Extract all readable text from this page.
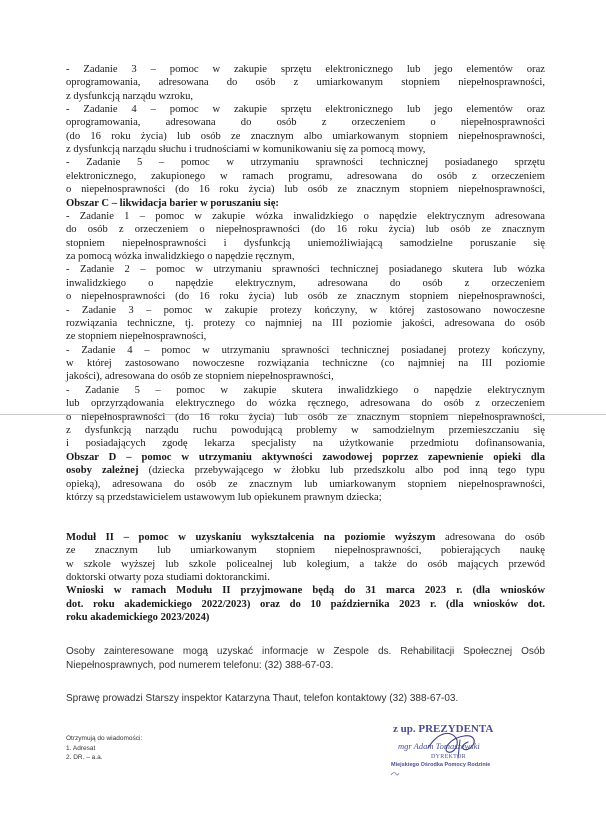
- Zadanie 3 – pomoc w zakupie sprzętu elektronicznego lub jego elementów oraz
oprogramowania, adresowana do osób z umiarkowanym stopniem niepełnosprawności,
z dysfunkcją narządu wzroku,
- Zadanie 4 – pomoc w zakupie sprzętu elektronicznego lub jego elementów oraz
oprogramowania, adresowana do osób z orzeczeniem o niepełnosprawności
(do 16 roku życia) lub osób ze znacznym albo umiarkowanym stopniem niepełnosprawności,
z dysfunkcją narządu słuchu i trudnościami w komunikowaniu się za pomocą mowy,
- Zadanie 5 – pomoc w utrzymaniu sprawności technicznej posiadanego sprzętu
elektronicznego, zakupionego w ramach programu, adresowana do osób z orzeczeniem
o niepełnosprawności (do 16 roku życia) lub osób ze znacznym stopniem niepełnosprawności,
Obszar C – likwidacja barier w poruszaniu się:
- Zadanie 1 – pomoc w zakupie wózka inwalidzkiego o napędzie elektrycznym adresowana
do osób z orzeczeniem o niepełnosprawności (do 16 roku życia) lub osób ze znacznym
stopniem niepełnosprawności i dysfunkcją uniemożliwiającą samodzielne poruszanie się
za pomocą wózka inwalidzkiego o napędzie ręcznym,
- Zadanie 2 – pomoc w utrzymaniu sprawności technicznej posiadanego skutera lub wózka
inwalidzkiego o napędzie elektrycznym, adresowana do osób z orzeczeniem
o niepełnosprawności (do 16 roku życia) lub osób ze znacznym stopniem niepełnosprawności,
- Zadanie 3 – pomoc w zakupie protezy kończyny, w której zastosowano nowoczesne
rozwiązania techniczne, tj. protezy co najmniej na III poziomie jakości, adresowana do osób
ze stopniem niepełnosprawności,
- Zadanie 4 – pomoc w utrzymaniu sprawności technicznej posiadanej protezy kończyny,
w której zastosowano nowoczesne rozwiązania techniczne (co najmniej na III poziomie
jakości), adresowana do osób ze stopniem niepełnosprawności,
- Zadanie 5 – pomoc w zakupie skutera inwalidzkiego o napędzie elektrycznym
lub oprzyrządowania elektrycznego do wózka ręcznego, adresowana do osób z orzeczeniem
o niepełnosprawności (do 16 roku życia) lub osób ze znacznym stopniem niepełnosprawności,
z dysfunkcją narządu ruchu powodującą problemy w samodzielnym przemieszczaniu się
i posiadających zgodę lekarza specjalisty na użytkowanie przedmiotu dofinansowania,
Obszar D – pomoc w utrzymaniu aktywności zawodowej poprzez zapewnienie opieki dla
osoby zależnej (dziecka przebywającego w żłobku lub przedszkolu albo pod inną tego typu
opieką), adresowana do osób ze znacznym lub umiarkowanym stopniem niepełnosprawności,
którzy są przedstawicielem ustawowym lub opiekunem prawnym dziecka;
Moduł II – pomoc w uzyskaniu wykształcenia na poziomie wyższym adresowana do osób
ze znacznym lub umiarkowanym stopniem niepełnosprawności, pobierających naukę
w szkole wyższej lub szkole policealnej lub kolegium, a także do osób mających przewód
doktorski otwarty poza studiami doktoranckimi.
Wnioski w ramach Modułu II przyjmowane będą do 31 marca 2023 r. (dla wniosków
dot. roku akademickiego 2022/2023) oraz do 10 października 2023 r. (dla wniosków dot.
roku akademickiego 2023/2024)
Osoby zainteresowane mogą uzyskać informacje w Zespole ds. Rehabilitacji Społecznej Osób
Niepełnosprawnych, pod numerem telefonu: (32) 388-67-03.
Sprawę prowadzi Starszy inspektor Katarzyna Thaut, telefon kontaktowy (32) 388-67-03.
Otrzymują do wiadomości:
1. Adresat
2. DR. – a.a.
z up. PREZYDENTA
mgr Adam Tomaszewski
DYREKTOR
Miejskiego Ośrodka Pomocy Rodzinie
